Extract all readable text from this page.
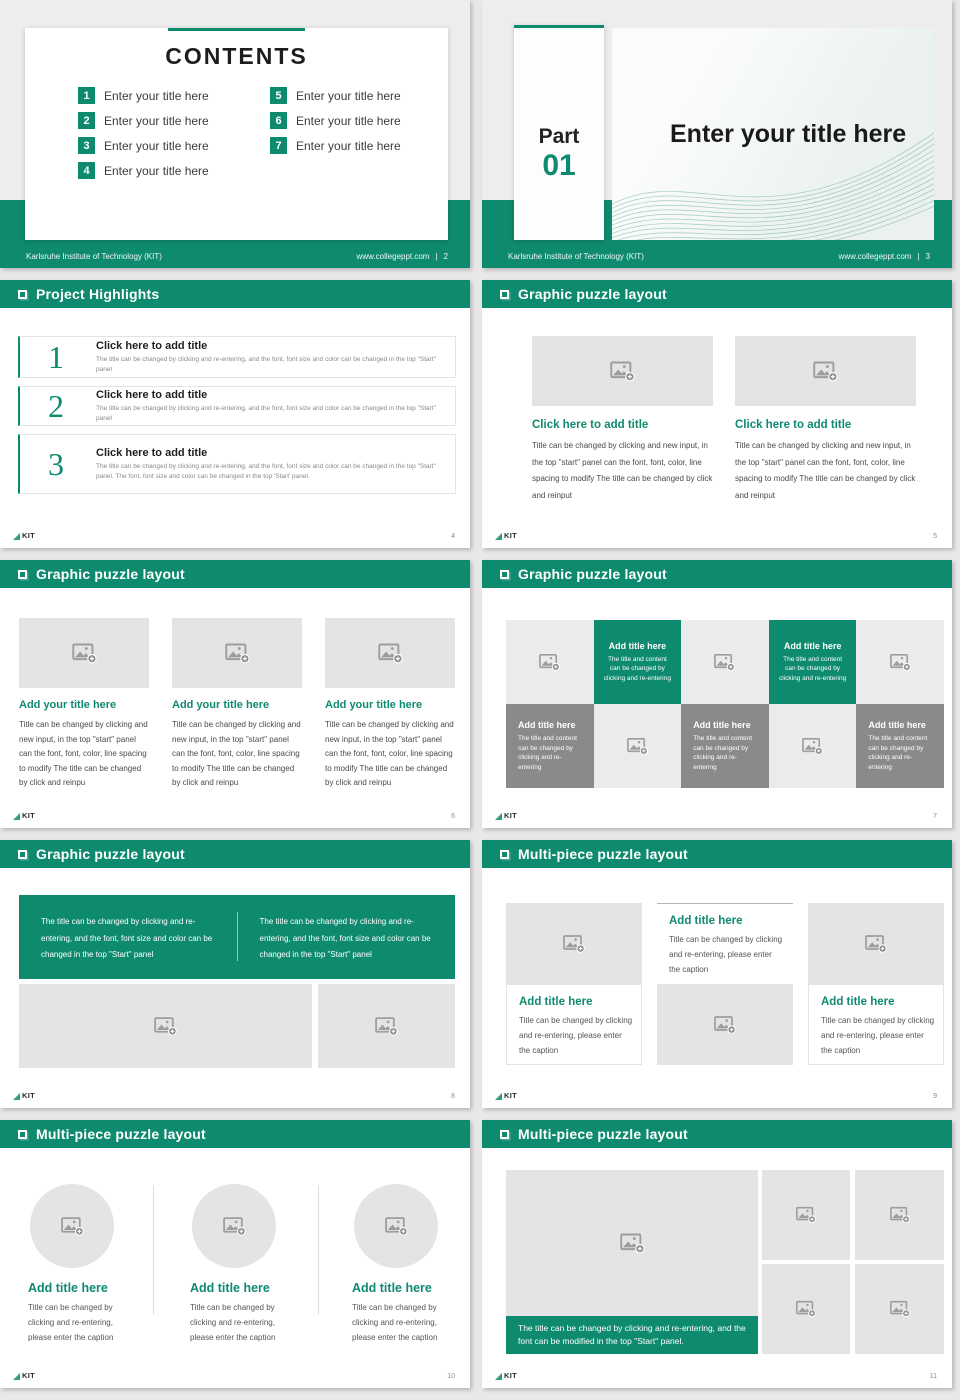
CONTENTS
1	Enter your title here
2	Enter your title here
3	Enter your title here
4	Enter your title here
5	Enter your title here
6	Enter your title here
7	Enter your title here
Karlsruhe Institute of Technology (KIT)	www.collegeppt.com | 2
Enter your title here
Part
01
Karlsruhe Institute of Technology (KIT)	www.collegeppt.com | 3
Project Highlights
1	Click here to add title
The title can be changed by clicking and re-entering, and the font, font size and color can be changed in the top "Start" panel
2	Click here to add title
The title can be changed by clicking and re-entering, and the font, font size and color can be changed in the top "Start" panel
3	Click here to add title
The title can be changed by clicking and re-entering, and the font, font size and color can be changed in the top "Start" panel. The font, font size and color can be changed in the top 'Start' panel.
KIT	4
Graphic puzzle layout
Click here to add title
Title can be changed by clicking and new input, in the top "start" panel can the font, font, color, line spacing to modify The title can be changed by click and reinput
Click here to add title
Title can be changed by clicking and new input, in the top "start" panel can the font, font, color, line spacing to modify The title can be changed by click and reinput
KIT	5
Graphic puzzle layout
Add your title here
Title can be changed by clicking and new input, in the top "start" panel can the font, font, color, line spacing to modify The title can be changed by click and reinpu
Add your title here
Title can be changed by clicking and new input, in the top "start" panel can the font, font, color, line spacing to modify The title can be changed by click and reinpu
Add your title here
Title can be changed by clicking and new input, in the top "start" panel can the font, font, color, line spacing to modify The title can be changed by click and reinpu
KIT	6
Graphic puzzle layout
Add title here
The title and content can be changed by clicking and re-entering
Add title here
The title and content can be changed by clicking and re-entering
Add title here
The title and content can be changed by clicking and re-entering
Add title here
The title and content can be changed by clicking and re-entering
Add title here
The title and content can be changed by clicking and re-entering
KIT	7
Graphic puzzle layout
The title can be changed by clicking and re-entering, and the font, font size and color can be changed in the top "Start" panel
The title can be changed by clicking and re-entering, and the font, font size and color can be changed in the top "Start" panel
KIT	8
Multi-piece puzzle layout
Add title here
Title can be changed by clicking and re-entering, please enter the caption
Add title here
Title can be changed by clicking and re-entering, please enter the caption
Add title here
Title can be changed by clicking and re-entering, please enter the caption
KIT	9
Multi-piece puzzle layout
Add title here
Title can be changed by clicking and re-entering, please enter the caption
Add title here
Title can be changed by clicking and re-entering, please enter the caption
Add title here
Title can be changed by clicking and re-entering, please enter the caption
KIT	10
Multi-piece puzzle layout
The title can be changed by clicking and re-entering, and the font can be modified in the top "Start" panel.
KIT	11
